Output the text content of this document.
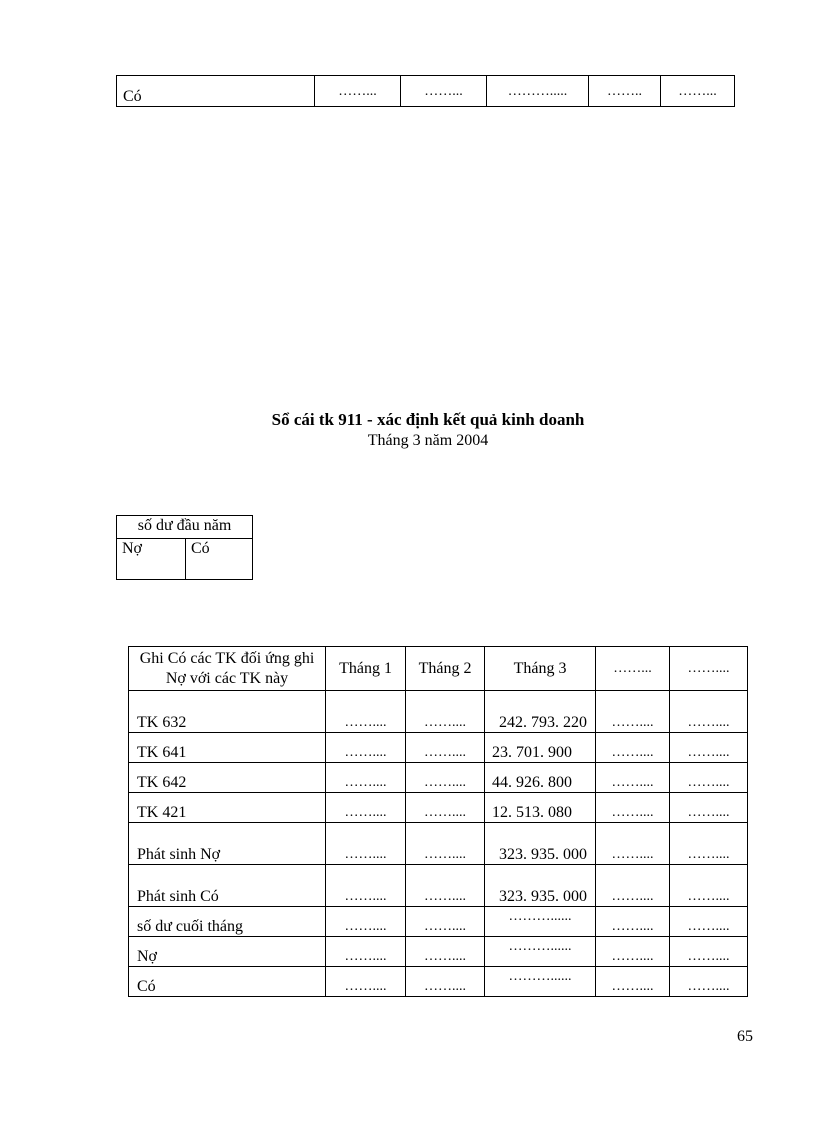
Có	……...	……...	……….....	……..	……...
Sổ cái tk 911 - xác định kết quả kinh doanh
Tháng 3 năm 2004
số dư đầu năm
Nợ	Có
Ghi Có các TK đối ứng ghi Nợ với các TK này	Tháng 1	Tháng 2	Tháng 3	……...	……....
TK 632	……....	……....	242. 793. 220	……....	……....
TK 641	……....	……....	23. 701. 900	……....	……....
TK 642	……....	……....	44. 926. 800	……....	……....
TK 421	……....	……....	12. 513. 080	……....	……....
Phát sinh Nợ	……....	……....	323. 935. 000	……....	……....
Phát sinh Có	……....	……....	323. 935. 000	……....	……....
số dư cuối tháng	……....	……....	………......	……....	……....
Nợ	……....	……....	………......	……....	……....
Có	……....	……....	………......	……....	……....
65
